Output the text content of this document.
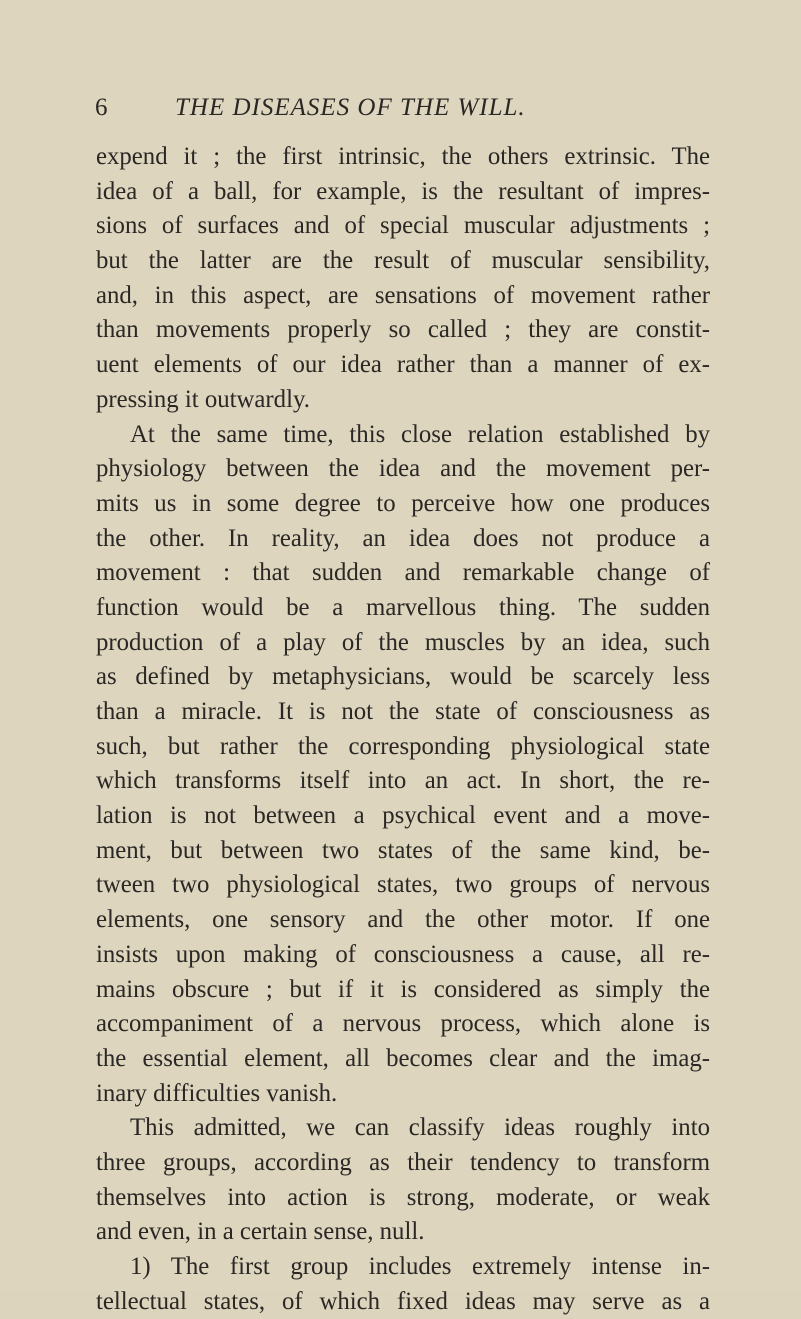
6	THE DISEASES OF THE WILL.
expend it ; the first intrinsic, the others extrinsic. The
idea of a ball, for example, is the resultant of impres-
sions of surfaces and of special muscular adjustments ;
but the latter are the result of muscular sensibility,
and, in this aspect, are sensations of movement rather
than movements properly so called ; they are constit-
uent elements of our idea rather than a manner of ex-
pressing it outwardly.
At the same time, this close relation established by
physiology between the idea and the movement per-
mits us in some degree to perceive how one produces
the other. In reality, an idea does not produce a
movement : that sudden and remarkable change of
function would be a marvellous thing. The sudden
production of a play of the muscles by an idea, such
as defined by metaphysicians, would be scarcely less
than a miracle. It is not the state of consciousness as
such, but rather the corresponding physiological state
which transforms itself into an act. In short, the re-
lation is not between a psychical event and a move-
ment, but between two states of the same kind, be-
tween two physiological states, two groups of nervous
elements, one sensory and the other motor. If one
insists upon making of consciousness a cause, all re-
mains obscure ; but if it is considered as simply the
accompaniment of a nervous process, which alone is
the essential element, all becomes clear and the imag-
inary difficulties vanish.
This admitted, we can classify ideas roughly into
three groups, according as their tendency to transform
themselves into action is strong, moderate, or weak
and even, in a certain sense, null.
1) The first group includes extremely intense in-
tellectual states, of which fixed ideas may serve as a
